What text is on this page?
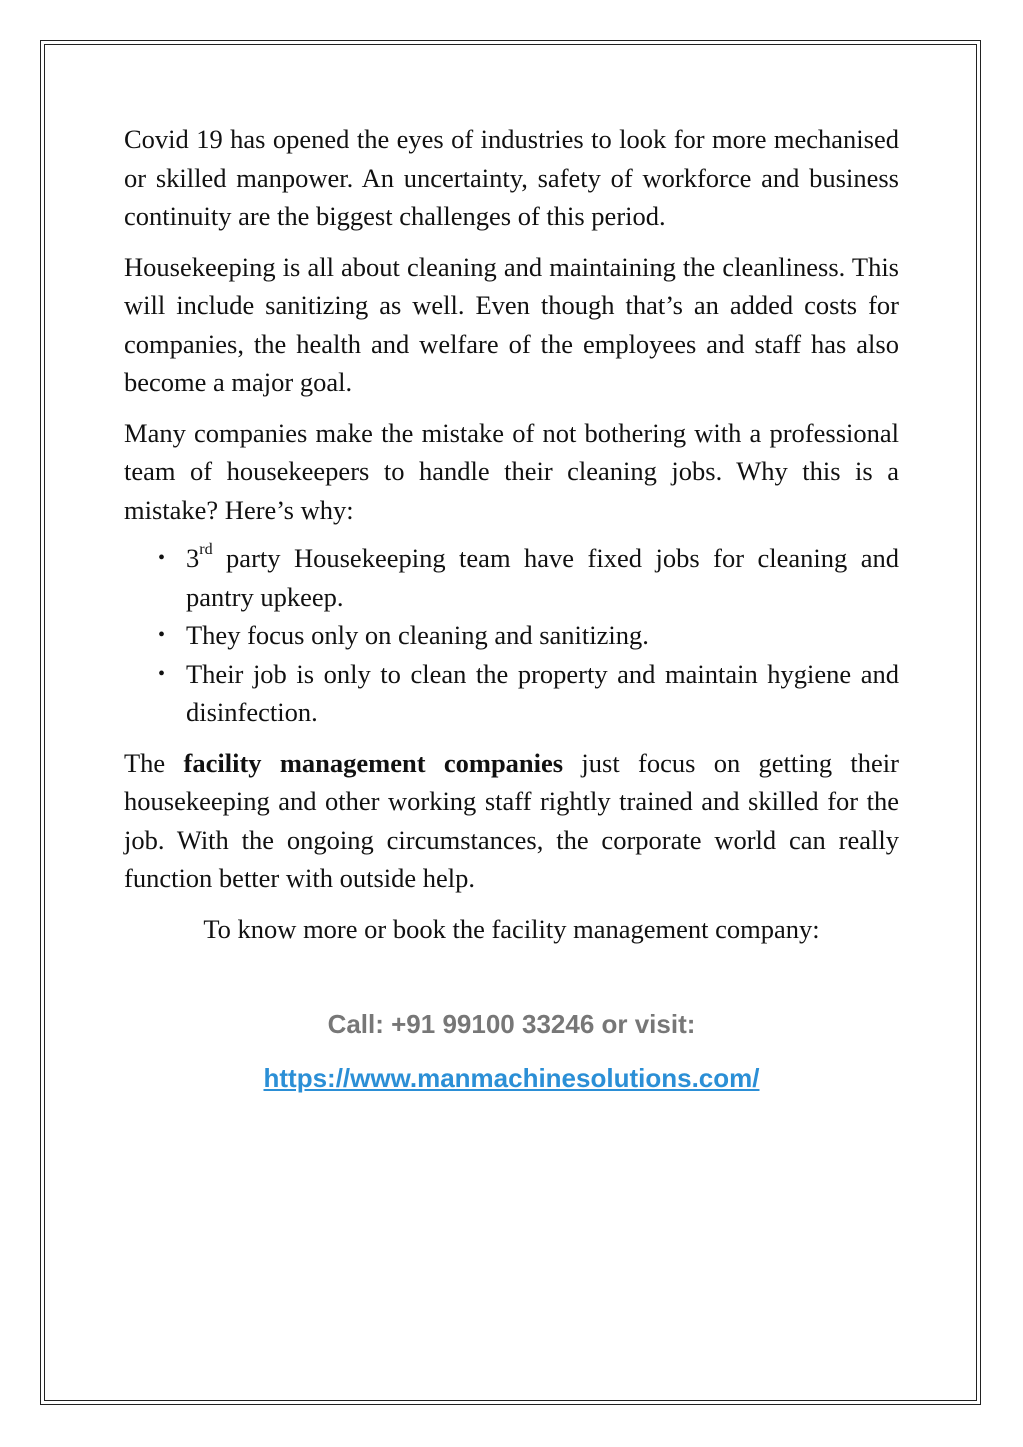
Covid 19 has opened the eyes of industries to look for more mechanised or skilled manpower. An uncertainty, safety of workforce and business continuity are the biggest challenges of this period.

Housekeeping is all about cleaning and maintaining the cleanliness. This will include sanitizing as well. Even though that’s an added costs for companies, the health and welfare of the employees and staff has also become a major goal.

Many companies make the mistake of not bothering with a professional team of housekeepers to handle their cleaning jobs. Why this is a mistake? Here’s why:

• 3rd party Housekeeping team have fixed jobs for cleaning and pantry upkeep.
• They focus only on cleaning and sanitizing.
• Their job is only to clean the property and maintain hygiene and disinfection.

The facility management companies just focus on getting their housekeeping and other working staff rightly trained and skilled for the job. With the ongoing circumstances, the corporate world can really function better with outside help.

To know more or book the facility management company:

Call: +91 99100 33246 or visit:
https://www.manmachinesolutions.com/
